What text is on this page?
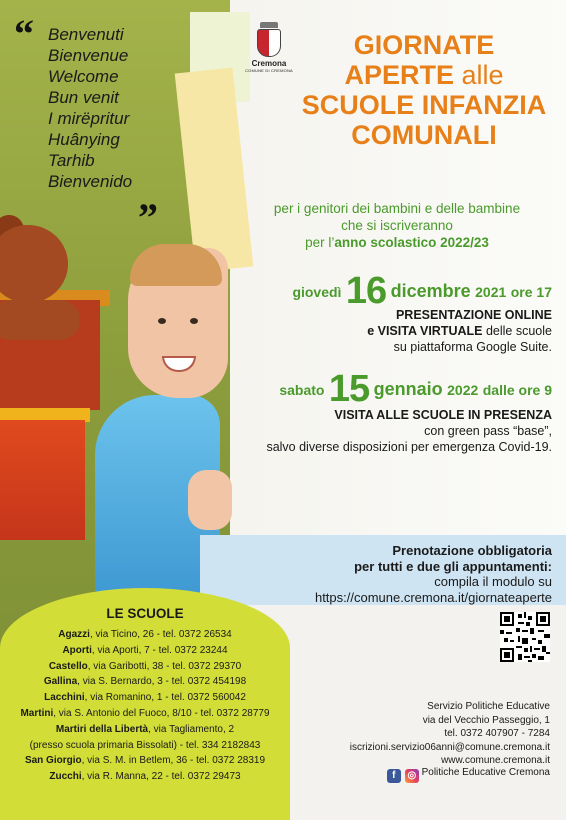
“ Benvenuti
Bienvenue
Welcome
Bun venit
I mirëpritur
Huânying
Tarhib
Bienvenido
”
Cremona
COMUNE DI CREMONA
GIORNATE
APERTE alle
SCUOLE INFANZIA
COMUNALI
per i genitori dei bambini e delle bambine
che si iscriveranno
per l’anno scolastico 2022/23
giovedì 16 dicembre 2021 ore 17
PRESENTAZIONE ONLINE
e VISITA VIRTUALE delle scuole
su piattaforma Google Suite.
sabato 15 gennaio 2022 dalle ore 9
VISITA ALLE SCUOLE IN PRESENZA
con green pass “base”,
salvo diverse disposizioni per emergenza Covid-19.
Prenotazione obbligatoria
per tutti e due gli appuntamenti:
compila il modulo su
https://comune.cremona.it/giornateaperte
LE SCUOLE
Agazzi, via Ticino, 26 - tel. 0372 26534
Aporti, via Aporti, 7 - tel. 0372 23244
Castello, via Garibotti, 38 - tel. 0372 29370
Gallina, via S. Bernardo, 3 - tel. 0372 454198
Lacchini, via Romanino, 1 - tel. 0372 560042
Martini, via S. Antonio del Fuoco, 8/10 - tel. 0372 28779
Martiri della Libertà, via Tagliamento, 2
(presso scuola primaria Bissolati) - tel. 334 2182843
San Giorgio, via S. M. in Betlem, 36 - tel. 0372 28319
Zucchi, via R. Manna, 22 - tel. 0372 29473
Servizio Politiche Educative
via del Vecchio Passeggio, 1
tel. 0372 407907 - 7284
iscrizioni.servizio06anni@comune.cremona.it
www.comune.cremona.it
f ◎ Politiche Educative Cremona
